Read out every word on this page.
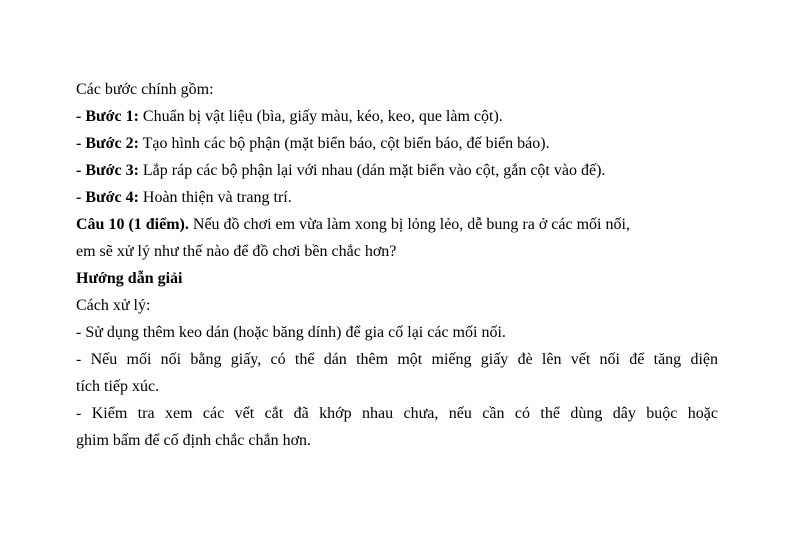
Các bước chính gồm:
- Bước 1: Chuẩn bị vật liệu (bìa, giấy màu, kéo, keo, que làm cột).
- Bước 2: Tạo hình các bộ phận (mặt biển báo, cột biển báo, đế biển báo).
- Bước 3: Lắp ráp các bộ phận lại với nhau (dán mặt biển vào cột, gắn cột vào đế).
- Bước 4: Hoàn thiện và trang trí.
Câu 10 (1 điểm). Nếu đồ chơi em vừa làm xong bị lỏng lẻo, dễ bung ra ở các mối nối,
em sẽ xử lý như thế nào để đồ chơi bền chắc hơn?
Hướng dẫn giải
Cách xử lý:
- Sử dụng thêm keo dán (hoặc băng dính) để gia cố lại các mối nối.
- Nếu mối nối bằng giấy, có thể dán thêm một miếng giấy đè lên vết nối để tăng diện
tích tiếp xúc.
- Kiểm tra xem các vết cắt đã khớp nhau chưa, nếu cần có thể dùng dây buộc hoặc
ghim bấm để cố định chắc chắn hơn.
